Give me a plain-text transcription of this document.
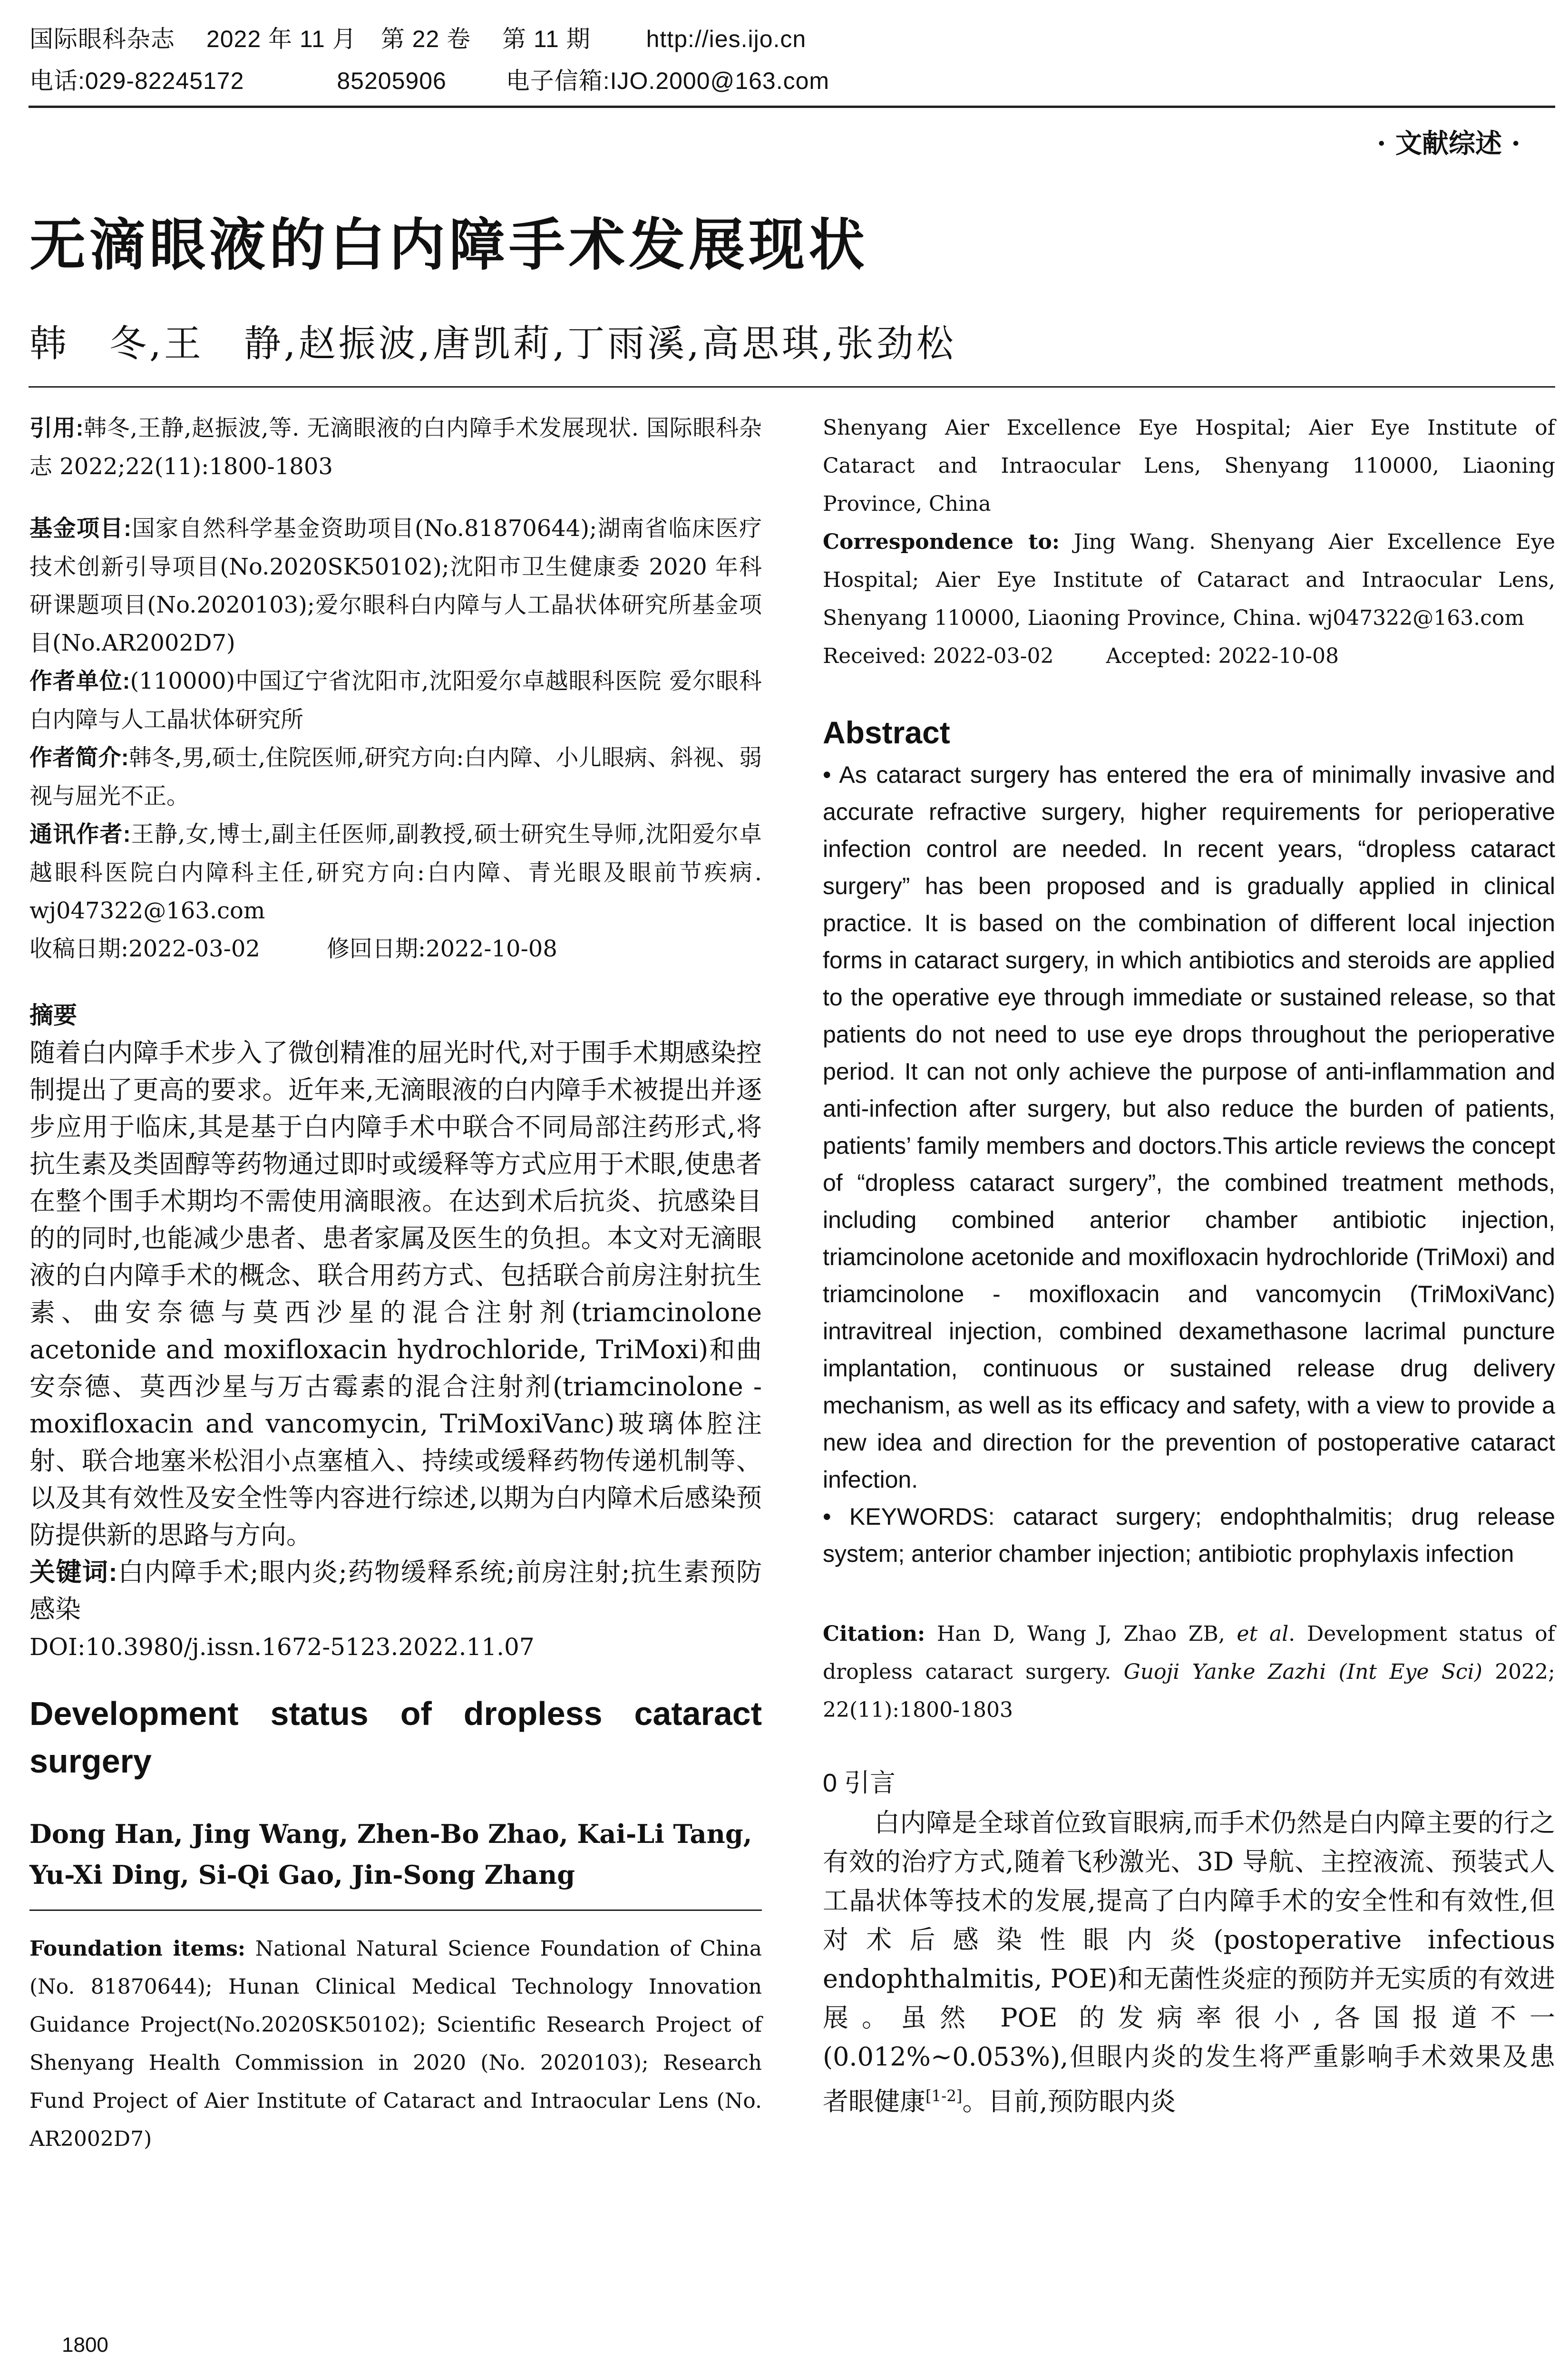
国际眼科杂志　 2022 年 11 月　第 22 卷　 第 11 期　　 http://ies.ijo.cn
电话:029-82245172	85205906 电子信箱:IJO.2000@163.com
· 文献综述 ·
无滴眼液的白内障手术发展现状
韩　冬,王　静,赵振波,唐凯莉,丁雨溪,高思琪,张劲松

引用:韩冬,王静,赵振波,等. 无滴眼液的白内障手术发展现状. 国际眼科杂志 2022;22(11):1800-1803

基金项目:国家自然科学基金资助项目(No.81870644);湖南省临床医疗技术创新引导项目(No.2020SK50102);沈阳市卫生健康委 2020 年科研课题项目(No.2020103);爱尔眼科白内障与人工晶状体研究所基金项目(No.AR2002D7)

作者单位:(110000)中国辽宁省沈阳市,沈阳爱尔卓越眼科医院 爱尔眼科白内障与人工晶状体研究所

作者简介:韩冬,男,硕士,住院医师,研究方向:白内障、小儿眼病、斜视、弱视与屈光不正。

通讯作者:王静,女,博士,副主任医师,副教授,硕士研究生导师,沈阳爱尔卓越眼科医院白内障科主任,研究方向:白内障、青光眼及眼前节疾病. wj047322@163.com

收稿日期:2022-03-02	修回日期:2022-10-08
摘要

随着白内障手术步入了微创精准的屈光时代,对于围手术期感染控制提出了更高的要求。近年来,无滴眼液的白内障手术被提出并逐步应用于临床,其是基于白内障手术中联合不同局部注药形式,将抗生素及类固醇等药物通过即时或缓释等方式应用于术眼,使患者在整个围手术期均不需使用滴眼液。在达到术后抗炎、抗感染目的的同时,也能减少患者、患者家属及医生的负担。本文对无滴眼液的白内障手术的概念、联合用药方式、包括联合前房注射抗生素、曲安奈德与莫西沙星的混合注射剂(triamcinolone acetonide and moxifloxacin hydrochloride, TriMoxi)和曲安奈德、莫西沙星与万古霉素的混合注射剂(triamcinolone - moxifloxacin and vancomycin, TriMoxiVanc)玻璃体腔注射、联合地塞米松泪小点塞植入、持续或缓释药物传递机制等、以及其有效性及安全性等内容进行综述,以期为白内障术后感染预防提供新的思路与方向。

关键词:白内障手术;眼内炎;药物缓释系统;前房注射;抗生素预防感染

DOI:10.3980/j.issn.1672-5123.2022.11.07

Development status of dropless cataract surgery
Dong Han, Jing Wang, Zhen-Bo Zhao, Kai-Li Tang, Yu-Xi Ding, Si-Qi Gao, Jin-Song Zhang

Foundation items: National Natural Science Foundation of China (No. 81870644); Hunan Clinical Medical Technology Innovation Guidance Project(No.2020SK50102); Scientific Research Project of Shenyang Health Commission in 2020 (No. 2020103); Research Fund Project of Aier Institute of Cataract and Intraocular Lens (No. AR2002D7)

Shenyang Aier Excellence Eye Hospital; Aier Eye Institute of Cataract and Intraocular Lens, Shenyang 110000, Liaoning Province, China

Correspondence to: Jing Wang. Shenyang Aier Excellence Eye Hospital; Aier Eye Institute of Cataract and Intraocular Lens, Shenyang 110000, Liaoning Province, China. wj047322@163.com

Received: 2022-03-02	Accepted: 2022-10-08

Abstract

• As cataract surgery has entered the era of minimally invasive and accurate refractive surgery, higher requirements for perioperative infection control are needed. In recent years, “dropless cataract surgery” has been proposed and is gradually applied in clinical practice. It is based on the combination of different local injection forms in cataract surgery, in which antibiotics and steroids are applied to the operative eye through immediate or sustained release, so that patients do not need to use eye drops throughout the perioperative period. It can not only achieve the purpose of anti-inflammation and anti-infection after surgery, but also reduce the burden of patients, patients’ family members and doctors.This article reviews the concept of “dropless cataract surgery”, the combined treatment methods, including combined anterior chamber antibiotic injection, triamcinolone acetonide and moxifloxacin hydrochloride (TriMoxi) and triamcinolone - moxifloxacin and vancomycin (TriMoxiVanc) intravitreal injection, combined dexamethasone lacrimal puncture implantation, continuous or sustained release drug delivery mechanism, as well as its efficacy and safety, with a view to provide a new idea and direction for the prevention of postoperative cataract infection.

• KEYWORDS: cataract surgery; endophthalmitis; drug release system; anterior chamber injection; antibiotic prophylaxis infection

Citation: Han D, Wang J, Zhao ZB, et al. Development status of dropless cataract surgery. Guoji Yanke Zazhi (Int Eye Sci) 2022; 22(11):1800-1803

0 引言

白内障是全球首位致盲眼病,而手术仍然是白内障主要的行之有效的治疗方式,随着飞秒激光、3D 导航、主控液流、预装式人工晶状体等技术的发展,提高了白内障手术的安全性和有效性,但对术后感染性眼内炎(postoperative infectious endophthalmitis, POE)和无菌性炎症的预防并无实质的有效进展。虽然 POE 的发病率很小,各国报道不一(0.012%~0.053%),但眼内炎的发生将严重影响手术效果及患者眼健康[1-2]。目前,预防眼内炎

1800
